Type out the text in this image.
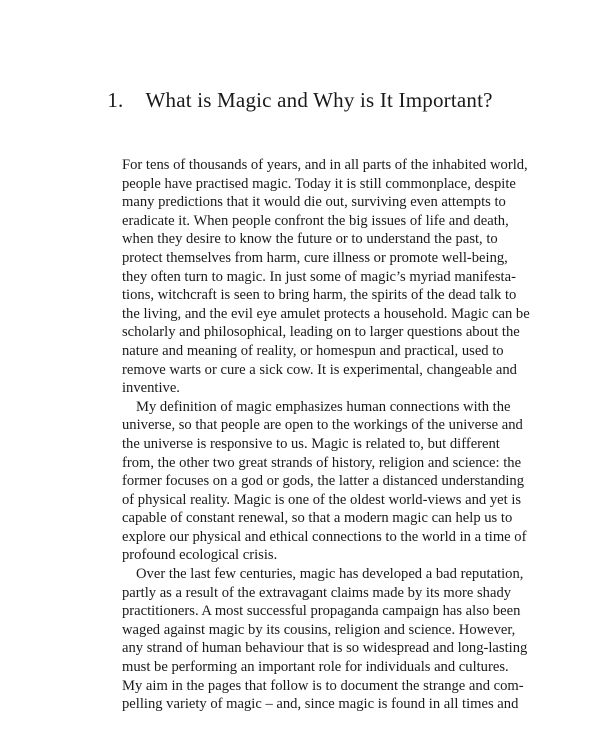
1. What is Magic and Why is It Important?
For tens of thousands of years, and in all parts of the inhabited world,
people have practised magic. Today it is still commonplace, despite
many predictions that it would die out, surviving even attempts to
eradicate it. When people confront the big issues of life and death,
when they desire to know the future or to understand the past, to
protect themselves from harm, cure illness or promote well-being,
they often turn to magic. In just some of magic’s myriad manifesta-
tions, witchcraft is seen to bring harm, the spirits of the dead talk to
the living, and the evil eye amulet protects a household. Magic can be
scholarly and philosophical, leading on to larger questions about the
nature and meaning of reality, or homespun and practical, used to
remove warts or cure a sick cow. It is experimental, changeable and
inventive.
My definition of magic emphasizes human connections with the
universe, so that people are open to the workings of the universe and
the universe is responsive to us. Magic is related to, but different
from, the other two great strands of history, religion and science: the
former focuses on a god or gods, the latter a distanced understanding
of physical reality. Magic is one of the oldest world-views and yet is
capable of constant renewal, so that a modern magic can help us to
explore our physical and ethical connections to the world in a time of
profound ecological crisis.
Over the last few centuries, magic has developed a bad reputation,
partly as a result of the extravagant claims made by its more shady
practitioners. A most successful propaganda campaign has also been
waged against magic by its cousins, religion and science. However,
any strand of human behaviour that is so widespread and long-lasting
must be performing an important role for individuals and cultures.
My aim in the pages that follow is to document the strange and com-
pelling variety of magic – and, since magic is found in all times and
